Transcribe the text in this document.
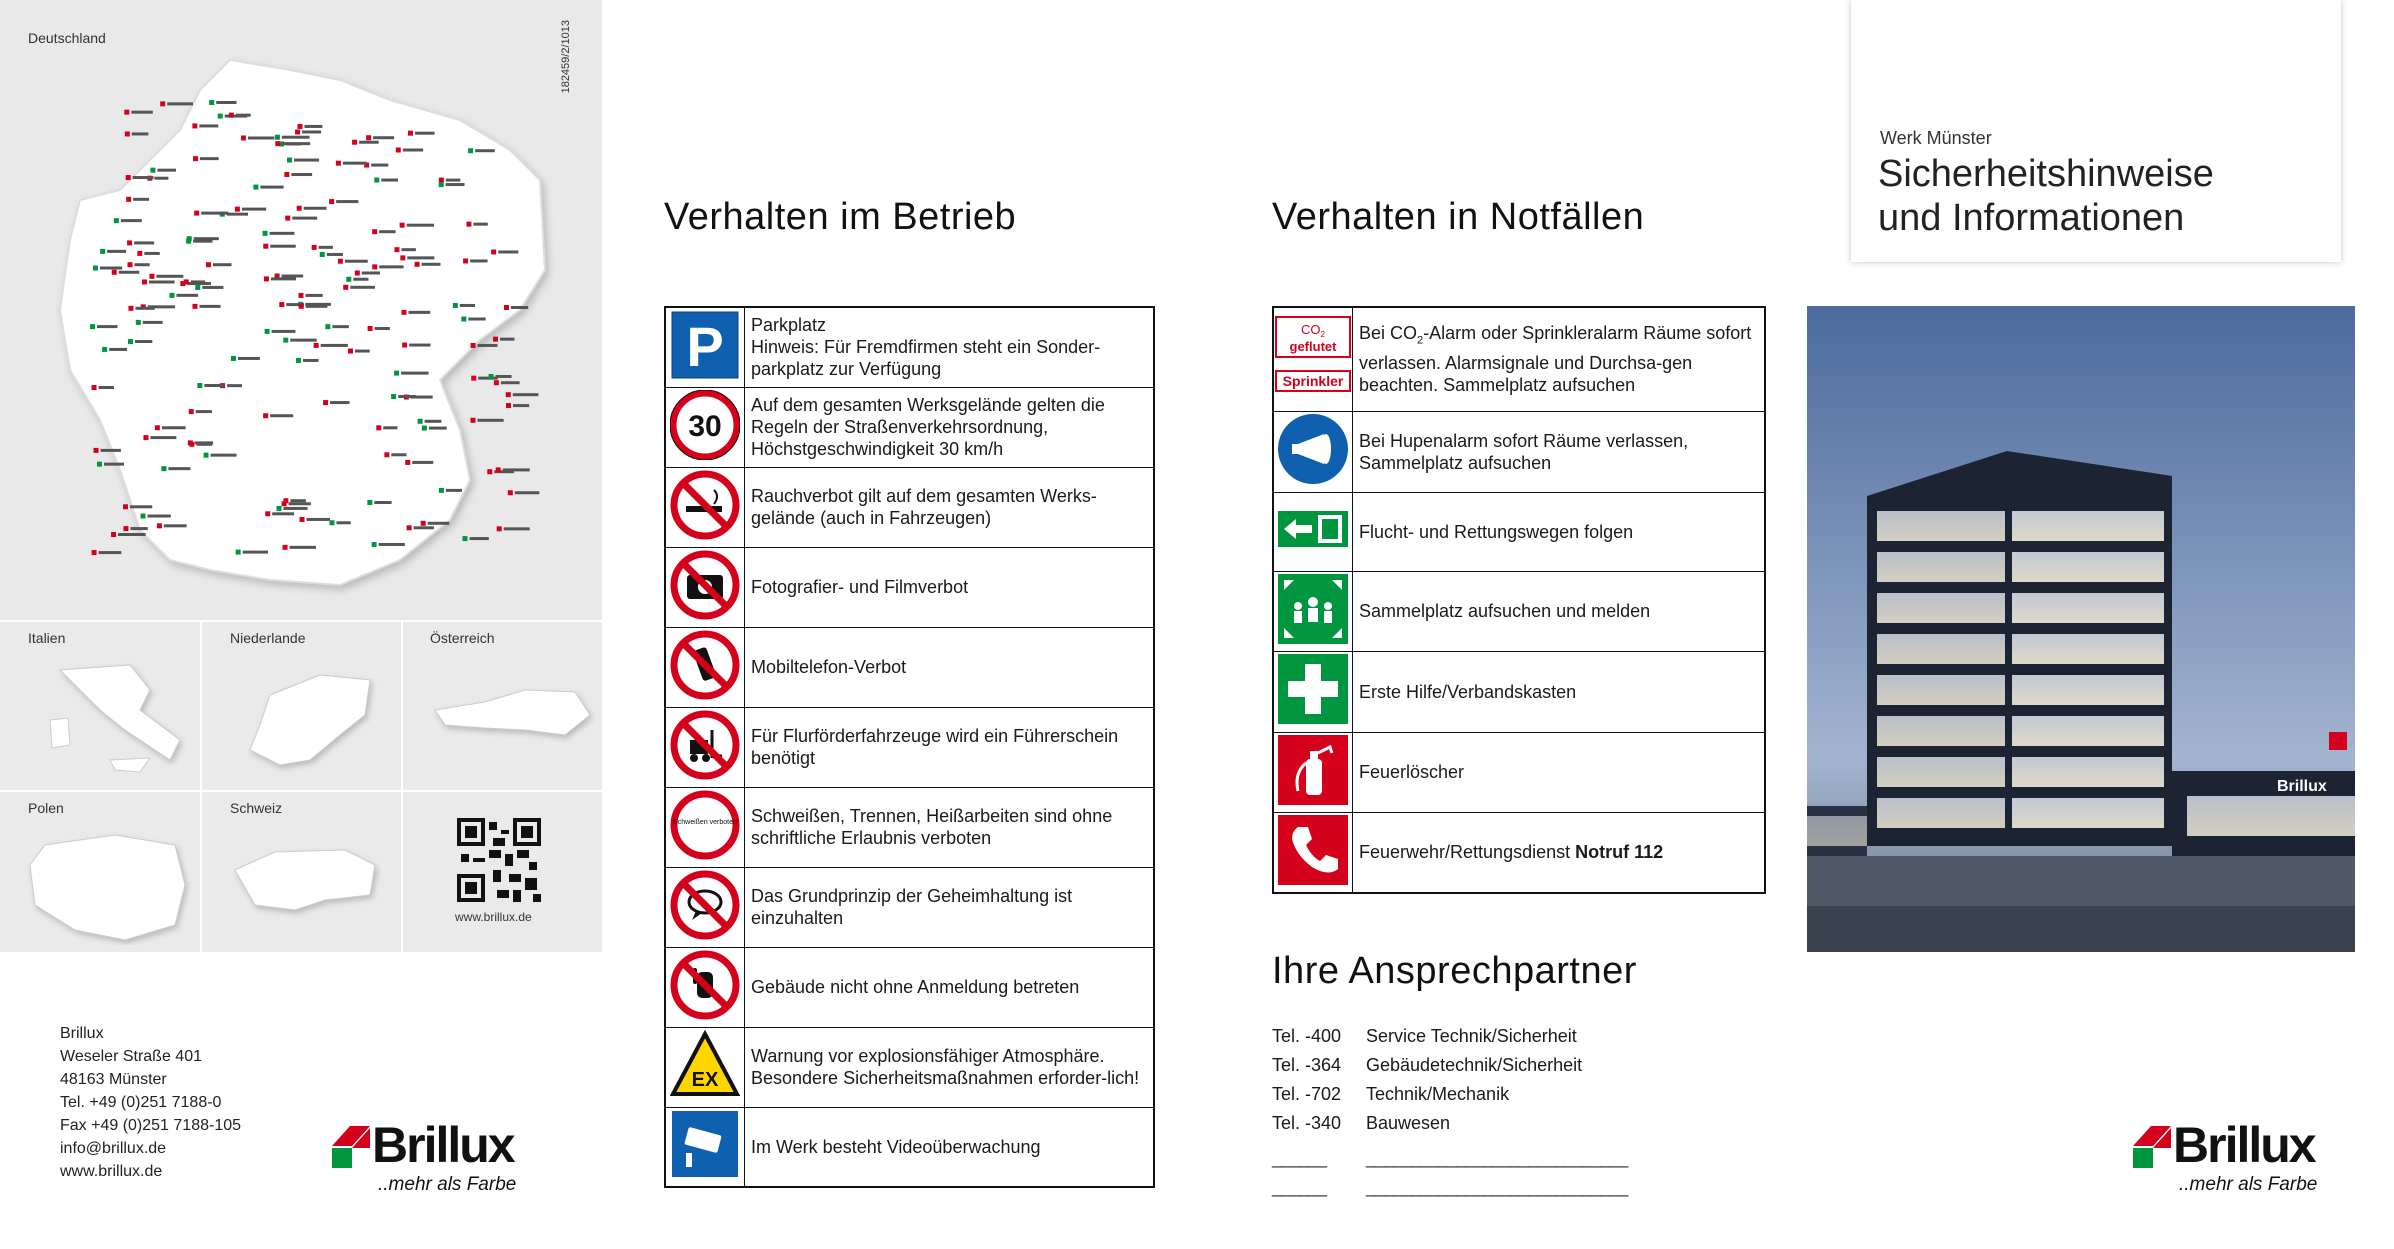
Deutschland	182459/2/1013
Italien	Niederlande	Österreich
Polen	Schweiz
www.brillux.de
Brillux
Weseler Straße 401
48163 Münster
Tel. +49 (0)251 7188-0
Fax +49 (0)251 7188-105
info@brillux.de
www.brillux.de	Brillux
..mehr als Farbe
Verhalten im Betrieb
P	Parkplatz
Hinweis: Für Fremdfirmen steht ein Sonder-
parkplatz zur Verfügung

30	Auf dem gesamten Werksgelände gelten die Regeln der Straßenverkehrsordnung, Höchstgeschwindigkeit 30 km/h
	Rauchverbot gilt auf dem gesamten Werks-gelände (auch in Fahrzeugen)
	Fotografier- und Filmverbot
	Mobiltelefon-Verbot
	Für Flurförderfahrzeuge wird ein Führerschein benötigt

Schweißen verboten	Schweißen, Trennen, Heißarbeiten sind ohne schriftliche Erlaubnis verboten
	Das Grundprinzip der Geheimhaltung ist einzuhalten
	Gebäude nicht ohne Anmeldung betreten

EX	Warnung vor explosionsfähiger Atmosphäre. Besondere Sicherheitsmaßnahmen erforder-lich!
	Im Werk besteht Videoüberwachung
Verhalten in Notfällen
$CO_2$
geflutet
Sprinkler	Bei $CO_2$-Alarm oder Sprinkleralarm Räume sofort verlassen. Alarmsignale und Durchsa-gen beachten. Sammelplatz aufsuchen
	Bei Hupenalarm sofort Räume verlassen, Sammelplatz aufsuchen
	Flucht- und Rettungswegen folgen
	Sammelplatz aufsuchen und melden
	Erste Hilfe/Verbandskasten
	Feuerlöscher
	Feuerwehr/Rettungsdienst Notruf 112
Ihre Ansprechpartner
Tel. -400 Service Technik/Sicherheit
Tel. -364 Gebäudetechnik/Sicherheit
Tel. -702 Technik/Mechanik
Tel. -340 Bauwesen
______ _____________________________
______ _____________________________
Werk Münster
Sicherheitshinweise
und Informationen
Brillux
Brillux
..mehr als Farbe
